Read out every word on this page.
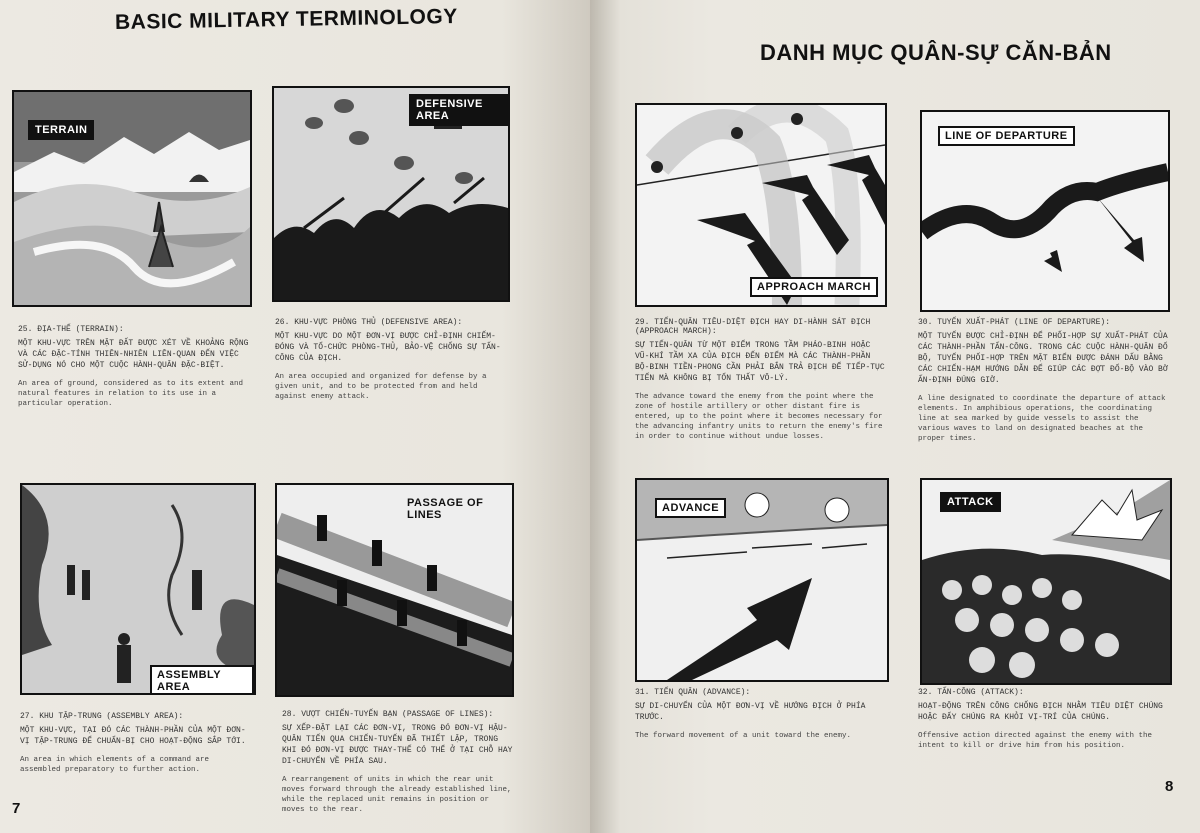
BASIC MILITARY TERMINOLOGY
TERRAIN
DEFENSIVE AREA
25. ĐỊA-THẾ (TERRAIN):
MỘT KHU-VỰC TRÊN MẶT ĐẤT ĐƯỢC XÉT VỀ KHOẢNG RỘNG VÀ CÁC ĐẶC-TÍNH THIÊN-NHIÊN LIÊN-QUAN ĐẾN VIỆC SỬ-DỤNG NÓ CHO MỘT CUỘC HÀNH-QUÂN ĐẶC-BIỆT.
An area of ground, considered as to its extent and natural features in relation to its use in a particular operation.
26. KHU-VỰC PHÒNG THỦ (DEFENSIVE AREA):
MỘT KHU-VỰC DO MỘT ĐƠN-VỊ ĐƯỢC CHỈ-ĐỊNH CHIẾM-ĐÓNG VÀ TỔ-CHỨC PHÒNG-THỦ, BẢO-VỆ CHỐNG SỰ TẤN-CÔNG CỦA ĐỊCH.
An area occupied and organized for defense by a given unit, and to be protected from and held against enemy attack.
ASSEMBLY AREA
PASSAGE OF LINES
27. KHU TẬP-TRUNG (ASSEMBLY AREA):
MỘT KHU-VỰC, TẠI ĐÓ CÁC THÀNH-PHẦN CỦA MỘT ĐƠN-VỊ TẬP-TRUNG ĐỂ CHUẨN-BỊ CHO HOẠT-ĐỘNG SẮP TỚI.
An area in which elements of a command are assembled preparatory to further action.
28. VƯỢT CHIẾN-TUYẾN BẠN (PASSAGE OF LINES):
SỰ XẾP-ĐẶT LẠI CÁC ĐƠN-VỊ, TRONG ĐÓ ĐƠN-VỊ HẬU-QUÂN TIẾN QUA CHIẾN-TUYẾN ĐÃ THIẾT LẬP, TRONG KHI ĐÓ ĐƠN-VỊ ĐƯỢC THAY-THẾ CÓ THỂ Ở TẠI CHỖ HAY DI-CHUYỂN VỀ PHÍA SAU.
A rearrangement of units in which the rear unit moves forward through the already established line, while the replaced unit remains in position or moves to the rear.
7
DANH MỤC QUÂN-SỰ CĂN-BẢN
APPROACH MARCH
LINE OF DEPARTURE
29. TIẾN-QUÂN TIÊU-DIỆT ĐỊCH HAY DI-HÀNH SÁT ĐỊCH (APPROACH MARCH):
SỰ TIẾN-QUÂN TỪ MỘT ĐIỂM TRONG TẦM PHÁO-BINH HOẶC VŨ-KHÍ TẦM XA CỦA ĐỊCH ĐẾN ĐIỂM MÀ CÁC THÀNH-PHẦN BỘ-BINH TIỀN-PHONG CẦN PHẢI BẮN TRẢ ĐỊCH ĐỂ TIẾP-TỤC TIẾN MÀ KHÔNG BỊ TỔN THẤT VÔ-LÝ.
The advance toward the enemy from the point where the zone of hostile artillery or other distant fire is entered, up to the point where it becomes necessary for the advancing infantry units to return the enemy's fire in order to continue without undue losses.
30. TUYẾN XUẤT-PHÁT (LINE OF DEPARTURE):
MỘT TUYẾN ĐƯỢC CHỈ-ĐỊNH ĐỂ PHỐI-HỢP SỰ XUẤT-PHÁT CỦA CÁC THÀNH-PHẦN TẤN-CÔNG. TRONG CÁC CUỘC HÀNH-QUÂN ĐỔ BỘ, TUYẾN PHỐI-HỢP TRÊN MẶT BIỂN ĐƯỢC ĐÁNH DẤU BẰNG CÁC CHIẾN-HẠM HƯỚNG DẪN ĐỂ GIÚP CÁC ĐỢT ĐỔ-BỘ VÀO BỜ ẤN-ĐỊNH ĐÚNG GIỜ.
A line designated to coordinate the departure of attack elements. In amphibious operations, the coordinating line at sea marked by guide vessels to assist the various waves to land on designated beaches at the proper times.
ADVANCE	ATTACK
31. TIẾN QUÂN (ADVANCE):
SỰ DI-CHUYỂN CỦA MỘT ĐƠN-VỊ VỀ HƯỚNG ĐỊCH Ở PHÍA TRƯỚC.
The forward movement of a unit toward the enemy.
32. TẤN-CÔNG (ATTACK):
HOẠT-ĐỘNG TRÊN CÔNG CHỐNG ĐỊCH NHẰM TIÊU DIỆT CHÚNG HOẶC ĐẨY CHÚNG RA KHỎI VỊ-TRÍ CỦA CHÚNG.
Offensive action directed against the enemy with the intent to kill or drive him from his position.
8
